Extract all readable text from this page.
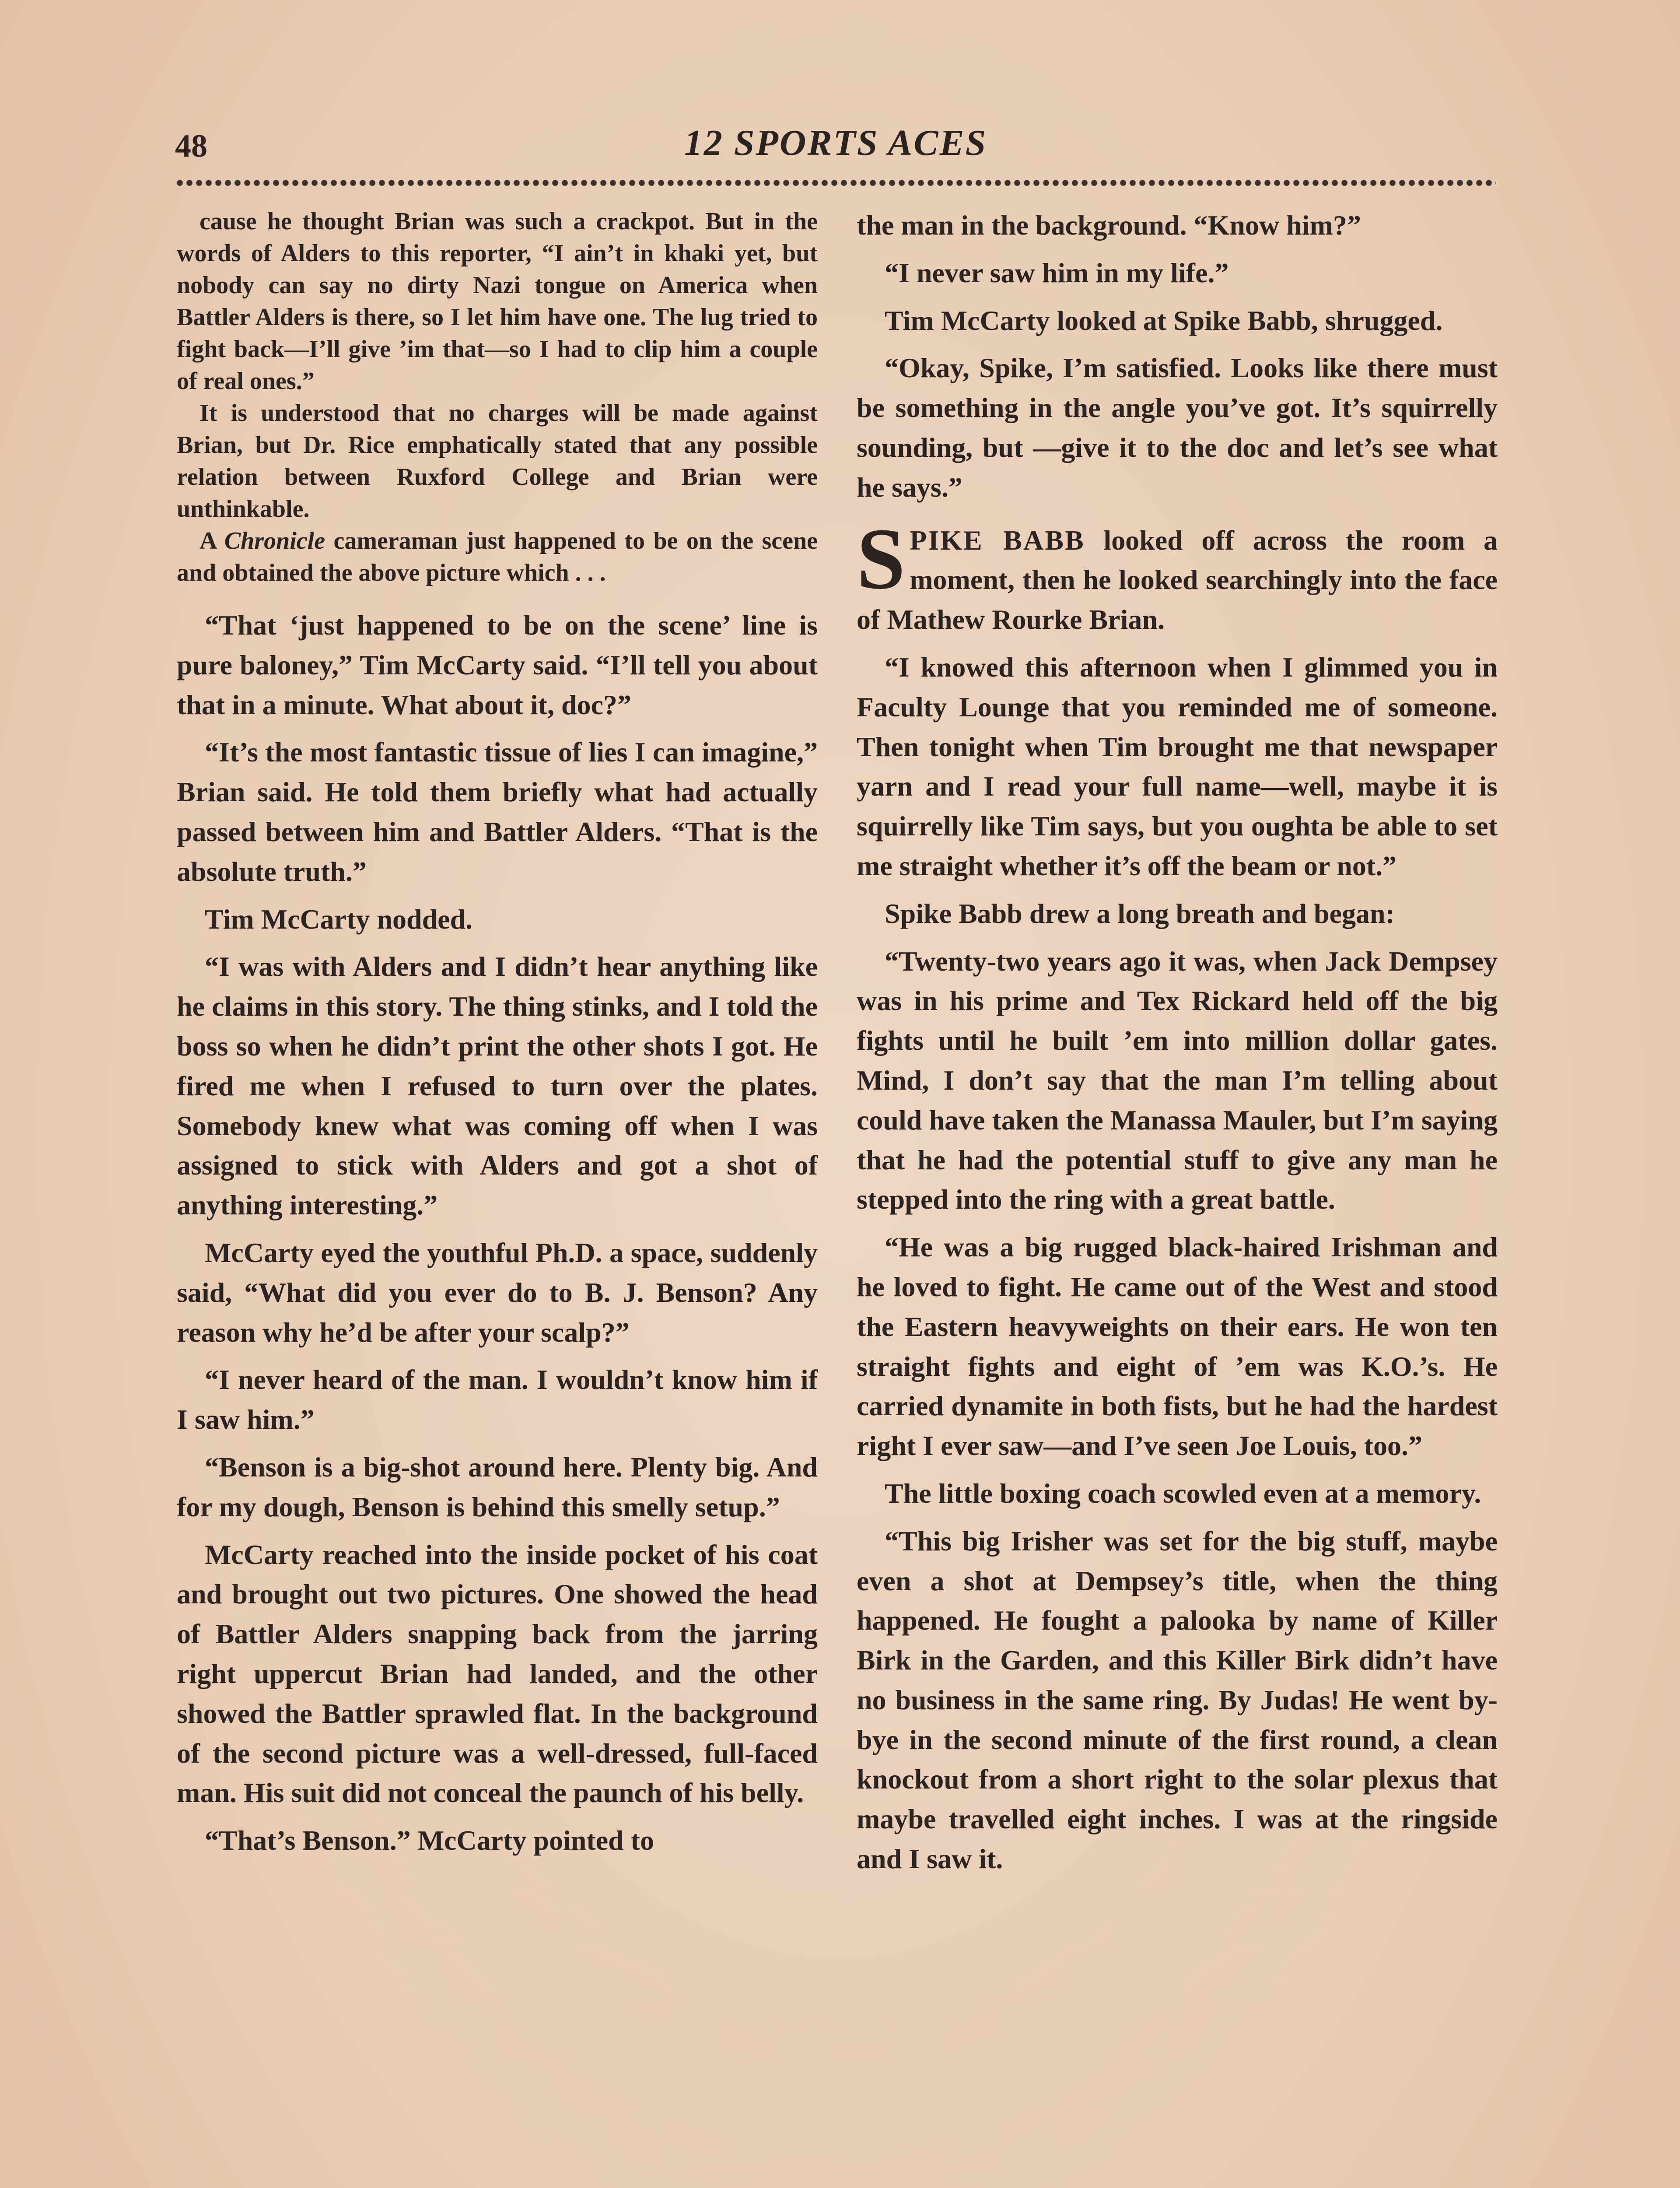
48	12 SPORTS ACES

cause he thought Brian was such a crackpot. But in the words of Alders to this reporter, “I ain’t in khaki yet, but nobody can say no dirty Nazi tongue on America when Battler Alders is there, so I let him have one. The lug tried to fight back—I’ll give ’im that—so I had to clip him a couple of real ones.”

It is understood that no charges will be made against Brian, but Dr. Rice emphatically stated that any possible relation between Ruxford College and Brian were unthinkable.

A Chronicle cameraman just happened to be on the scene and obtained the above picture which . . .

“That ‘just happened to be on the scene’ line is pure baloney,” Tim McCarty said. “I’ll tell you about that in a minute. What about it, doc?”

“It’s the most fantastic tissue of lies I can imagine,” Brian said. He told them briefly what had actually passed between him and Battler Alders. “That is the absolute truth.”

Tim McCarty nodded.

“I was with Alders and I didn’t hear anything like he claims in this story. The thing stinks, and I told the boss so when he didn’t print the other shots I got. He fired me when I refused to turn over the plates. Somebody knew what was coming off when I was assigned to stick with Alders and got a shot of anything interesting.”

McCarty eyed the youthful Ph.D. a space, suddenly said, “What did you ever do to B. J. Benson? Any reason why he’d be after your scalp?”

“I never heard of the man. I wouldn’t know him if I saw him.”

“Benson is a big-shot around here. Plenty big. And for my dough, Benson is behind this smelly setup.”

McCarty reached into the inside pocket of his coat and brought out two pictures. One showed the head of Battler Alders snapping back from the jarring right uppercut Brian had landed, and the other showed the Battler sprawled flat. In the background of the second picture was a well-dressed, full-faced man. His suit did not conceal the paunch of his belly.

“That’s Benson.” McCarty pointed to

the man in the background. “Know him?”

“I never saw him in my life.”

Tim McCarty looked at Spike Babb, shrugged.

“Okay, Spike, I’m satisfied. Looks like there must be something in the angle you’ve got. It’s squirrelly sounding, but —give it to the doc and let’s see what he says.”

SPIKE BABB looked off across the room a moment, then he looked searchingly into the face of Mathew Rourke Brian.

“I knowed this afternoon when I glimmed you in Faculty Lounge that you reminded me of someone. Then tonight when Tim brought me that newspaper yarn and I read your full name—well, maybe it is squirrelly like Tim says, but you oughta be able to set me straight whether it’s off the beam or not.”

Spike Babb drew a long breath and began:

“Twenty-two years ago it was, when Jack Dempsey was in his prime and Tex Rickard held off the big fights until he built ’em into million dollar gates. Mind, I don’t say that the man I’m telling about could have taken the Manassa Mauler, but I’m saying that he had the potential stuff to give any man he stepped into the ring with a great battle.

“He was a big rugged black-haired Irishman and he loved to fight. He came out of the West and stood the Eastern heavyweights on their ears. He won ten straight fights and eight of ’em was K.O.’s. He carried dynamite in both fists, but he had the hardest right I ever saw—and I’ve seen Joe Louis, too.”

The little boxing coach scowled even at a memory.

“This big Irisher was set for the big stuff, maybe even a shot at Dempsey’s title, when the thing happened. He fought a palooka by name of Killer Birk in the Garden, and this Killer Birk didn’t have no business in the same ring. By Judas! He went by-bye in the second minute of the first round, a clean knockout from a short right to the solar plexus that maybe travelled eight inches. I was at the ringside and I saw it.
